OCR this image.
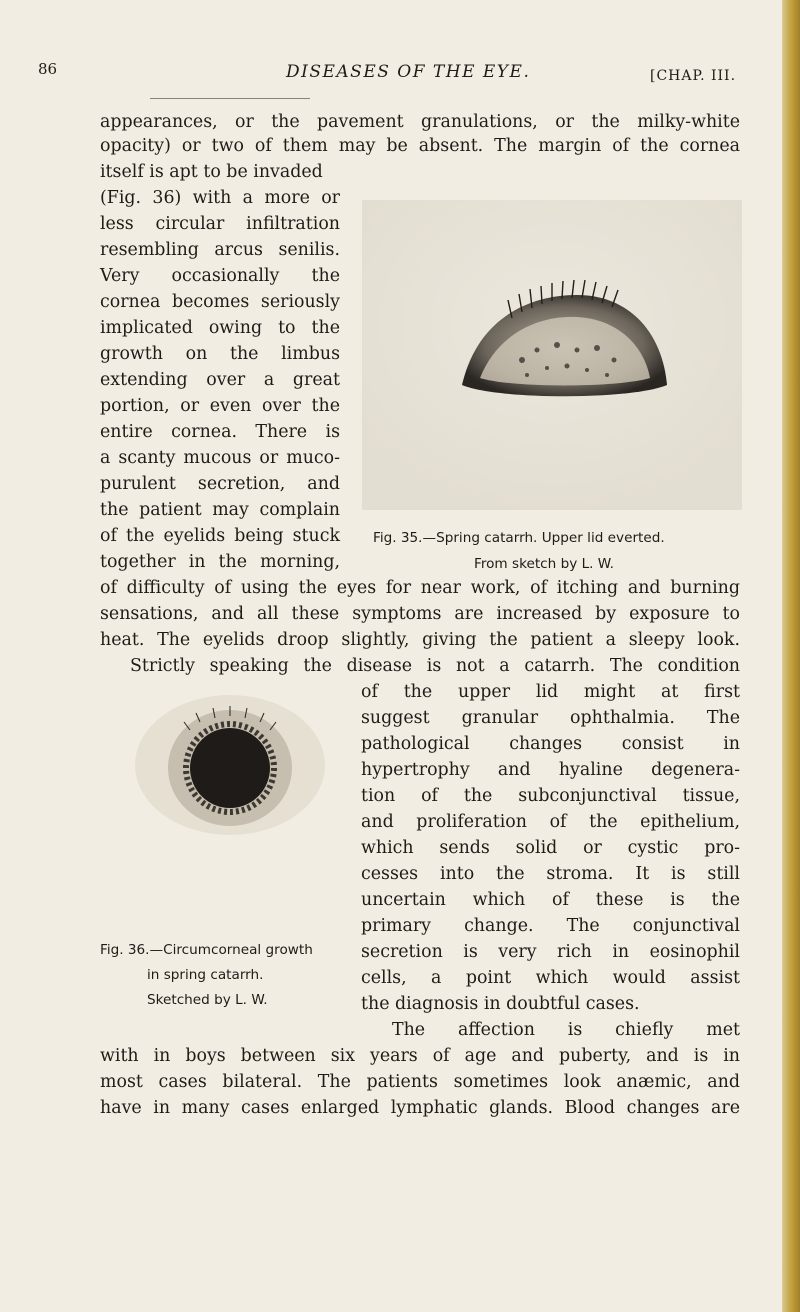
86	DISEASES OF THE EYE.	[CHAP. III.
appearances, or the pavement granulations, or the milky-white
opacity) or two of them may be absent. The margin of the cornea
itself is apt to be invaded
(Fig. 36) with a more or
less circular infiltration
resembling arcus senilis.
Very occasionally the
cornea becomes seriously
implicated owing to the
growth on the limbus
extending over a great
portion, or even over the
entire cornea. There is
a scanty mucous or muco-
purulent secretion, and
the patient may complain
of the eyelids being stuck
together in the morning,
of difficulty of using the eyes for near work, of itching and burning
sensations, and all these symptoms are increased by exposure to
heat. The eyelids droop slightly, giving the patient a sleepy look.
Strictly speaking the disease is not a catarrh. The condition
of the upper lid might at first
suggest granular ophthalmia. The
pathological changes consist in
hypertrophy and hyaline degenera-
tion of the subconjunctival tissue,
and proliferation of the epithelium,
which sends solid or cystic pro-
cesses into the stroma. It is still
uncertain which of these is the
primary change. The conjunctival
secretion is very rich in eosinophil
cells, a point which would assist
the diagnosis in doubtful cases.
The affection is chiefly met
with in boys between six years of age and puberty, and is in
most cases bilateral. The patients sometimes look anæmic, and
have in many cases enlarged lymphatic glands. Blood changes are
Fig. 35.—Spring catarrh. Upper lid everted.
From sketch by L. W.
Fig. 36.—Circumcorneal growth
in spring catarrh.
Sketched by L. W.
